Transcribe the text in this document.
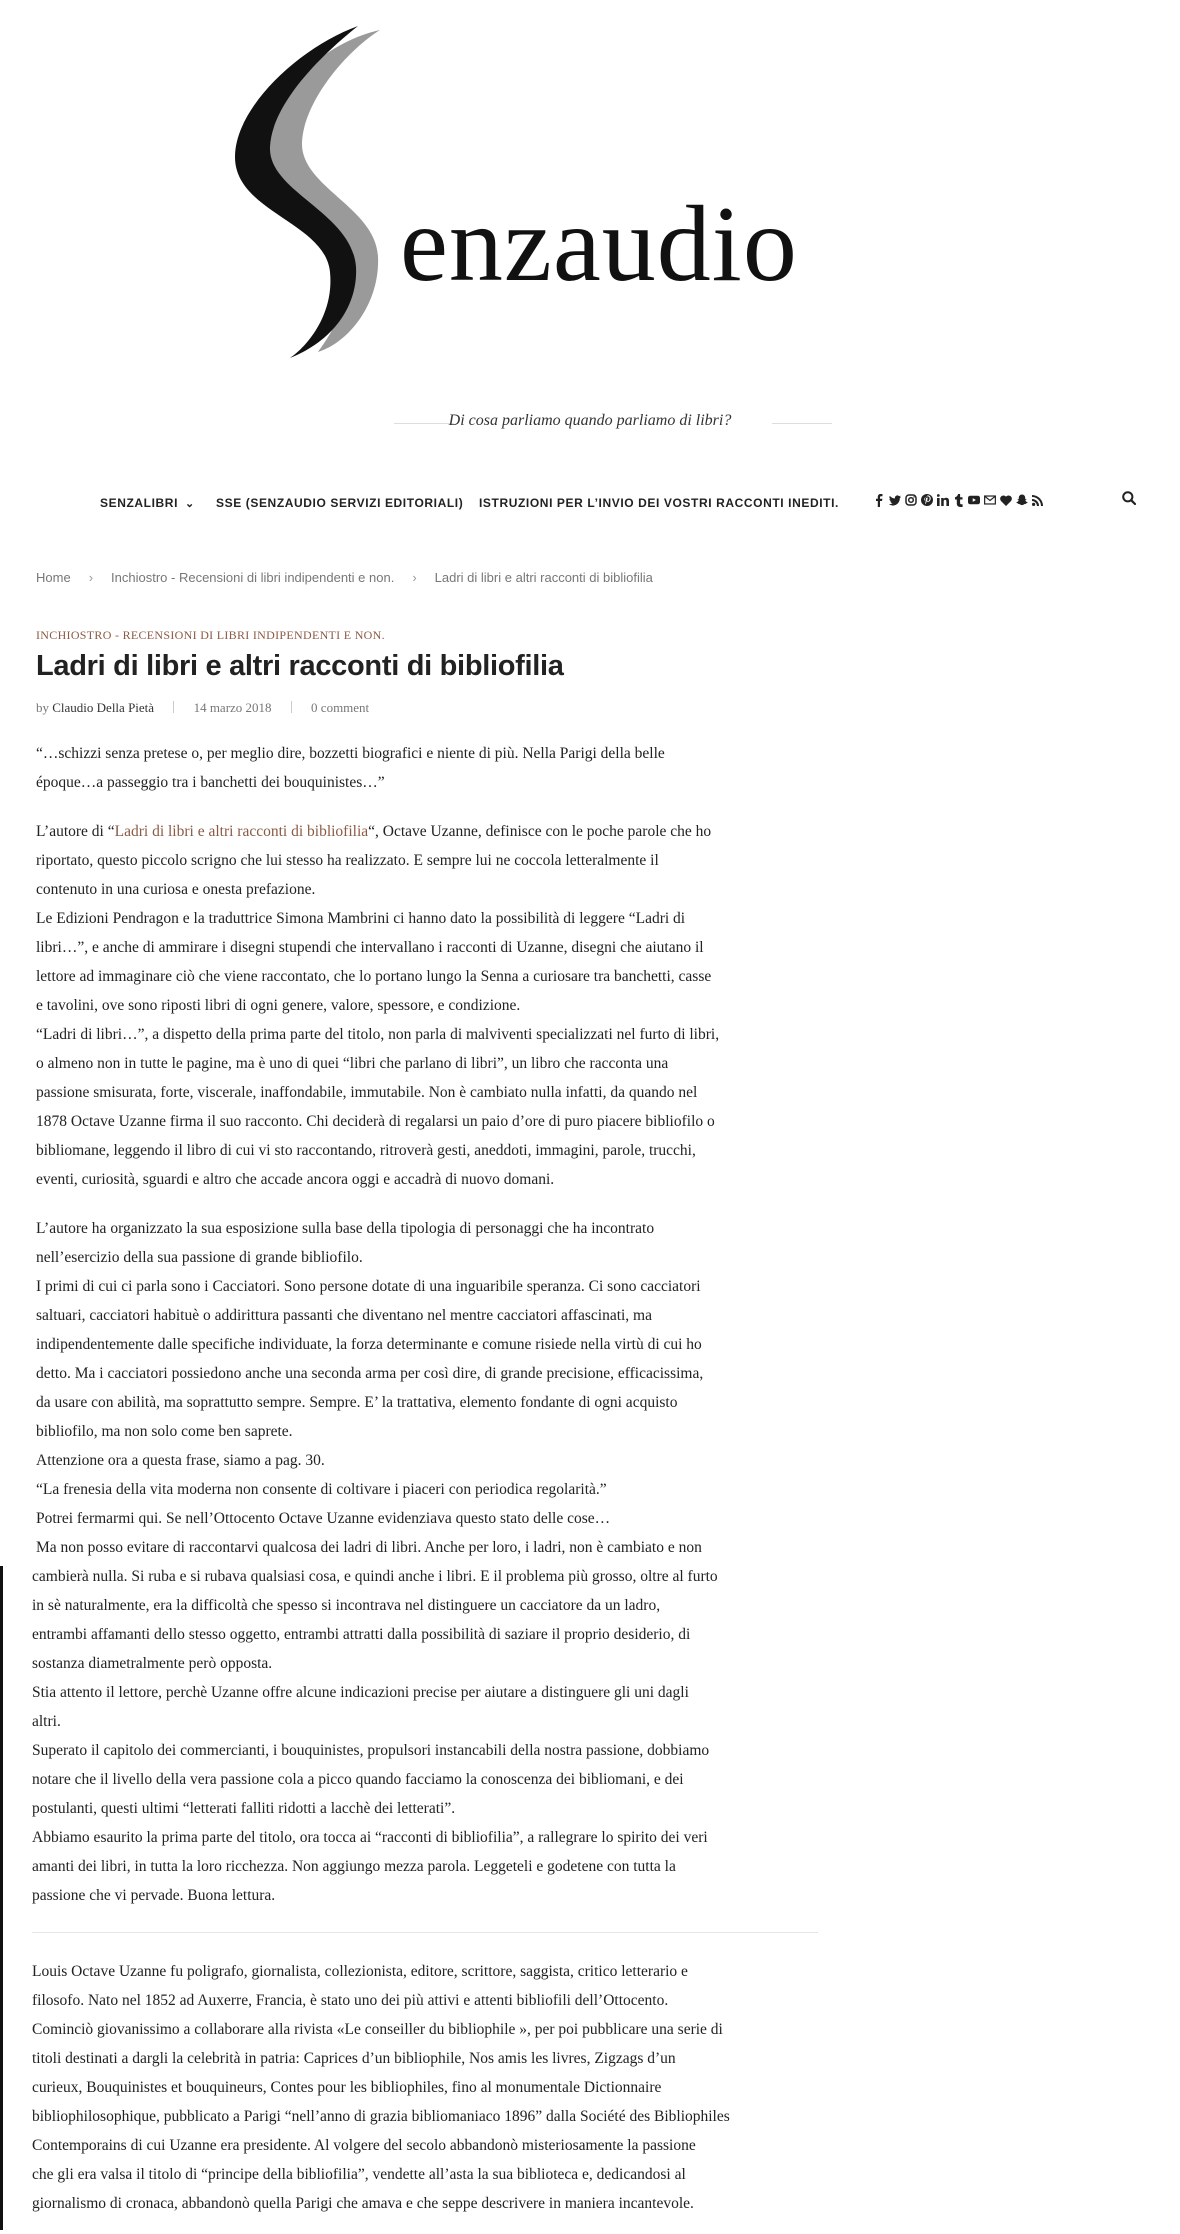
enzaudio
Di cosa parliamo quando parliamo di libri?
SENZALIBRI ⌄ SSE (SENZAUDIO SERVIZI EDITORIALI) ISTRUZIONI PER L’INVIO DEI VOSTRI RACCONTI INEDITI.
Home › Inchiostro - Recensioni di libri indipendenti e non. › Ladri di libri e altri racconti di bibliofilia
INCHIOSTRO - RECENSIONI DI LIBRI INDIPENDENTI E NON.
Ladri di libri e altri racconti di bibliofilia
by Claudio Della Pietà	14 marzo 2018	0 comment
“…schizzi senza pretese o, per meglio dire, bozzetti biografici e niente di più. Nella Parigi della belle
époque…a passeggio tra i banchetti dei bouquinistes…”
L’autore di “Ladri di libri e altri racconti di bibliofilia“, Octave Uzanne, definisce con le poche parole che ho
riportato, questo piccolo scrigno che lui stesso ha realizzato. E sempre lui ne coccola letteralmente il
contenuto in una curiosa e onesta prefazione.
Le Edizioni Pendragon e la traduttrice Simona Mambrini ci hanno dato la possibilità di leggere “Ladri di
libri…”, e anche di ammirare i disegni stupendi che intervallano i racconti di Uzanne, disegni che aiutano il
lettore ad immaginare ciò che viene raccontato, che lo portano lungo la Senna a curiosare tra banchetti, casse
e tavolini, ove sono riposti libri di ogni genere, valore, spessore, e condizione.
“Ladri di libri…”, a dispetto della prima parte del titolo, non parla di malviventi specializzati nel furto di libri,
o almeno non in tutte le pagine, ma è uno di quei “libri che parlano di libri”, un libro che racconta una
passione smisurata, forte, viscerale, inaffondabile, immutabile. Non è cambiato nulla infatti, da quando nel
1878 Octave Uzanne firma il suo racconto. Chi deciderà di regalarsi un paio d’ore di puro piacere bibliofilo o
bibliomane, leggendo il libro di cui vi sto raccontando, ritroverà gesti, aneddoti, immagini, parole, trucchi,
eventi, curiosità, sguardi e altro che accade ancora oggi e accadrà di nuovo domani.
L’autore ha organizzato la sua esposizione sulla base della tipologia di personaggi che ha incontrato
nell’esercizio della sua passione di grande bibliofilo.
I primi di cui ci parla sono i Cacciatori. Sono persone dotate di una inguaribile speranza. Ci sono cacciatori
saltuari, cacciatori habituè o addirittura passanti che diventano nel mentre cacciatori affascinati, ma
indipendentemente dalle specifiche individuate, la forza determinante e comune risiede nella virtù di cui ho
detto. Ma i cacciatori possiedono anche una seconda arma per così dire, di grande precisione, efficacissima,
da usare con abilità, ma soprattutto sempre. Sempre. E’ la trattativa, elemento fondante di ogni acquisto
bibliofilo, ma non solo come ben saprete.
Attenzione ora a questa frase, siamo a pag. 30.
“La frenesia della vita moderna non consente di coltivare i piaceri con periodica regolarità.”
Potrei fermarmi qui. Se nell’Ottocento Octave Uzanne evidenziava questo stato delle cose…
Ma non posso evitare di raccontarvi qualcosa dei ladri di libri. Anche per loro, i ladri, non è cambiato e non
cambierà nulla. Si ruba e si rubava qualsiasi cosa, e quindi anche i libri. E il problema più grosso, oltre al furto
in sè naturalmente, era la difficoltà che spesso si incontrava nel distinguere un cacciatore da un ladro,
entrambi affamanti dello stesso oggetto, entrambi attratti dalla possibilità di saziare il proprio desiderio, di
sostanza diametralmente però opposta.
Stia attento il lettore, perchè Uzanne offre alcune indicazioni precise per aiutare a distinguere gli uni dagli
altri.
Superato il capitolo dei commercianti, i bouquinistes, propulsori instancabili della nostra passione, dobbiamo
notare che il livello della vera passione cola a picco quando facciamo la conoscenza dei bibliomani, e dei
postulanti, questi ultimi “letterati falliti ridotti a lacchè dei letterati”.
Abbiamo esaurito la prima parte del titolo, ora tocca ai “racconti di bibliofilia”, a rallegrare lo spirito dei veri
amanti dei libri, in tutta la loro ricchezza. Non aggiungo mezza parola. Leggeteli e godetene con tutta la
passione che vi pervade. Buona lettura.
Louis Octave Uzanne fu poligrafo, giornalista, collezionista, editore, scrittore, saggista, critico letterario e
filosofo. Nato nel 1852 ad Auxerre, Francia, è stato uno dei più attivi e attenti bibliofili dell’Ottocento.
Cominciò giovanissimo a collaborare alla rivista «Le conseiller du bibliophile », per poi pubblicare una serie di
titoli destinati a dargli la celebrità in patria: Caprices d’un bibliophile, Nos amis les livres, Zigzags d’un
curieux, Bouquinistes et bouquineurs, Contes pour les bibliophiles, fino al monumentale Dictionnaire
bibliophilosophique, pubblicato a Parigi “nell’anno di grazia bibliomaniaco 1896” dalla Société des Bibliophiles
Contemporains di cui Uzanne era presidente. Al volgere del secolo abbandonò misteriosamente la passione
che gli era valsa il titolo di “principe della bibliofilia”, vendette all’asta la sua biblioteca e, dedicandosi al
giornalismo di cronaca, abbandonò quella Parigi che amava e che seppe descrivere in maniera incantevole.
